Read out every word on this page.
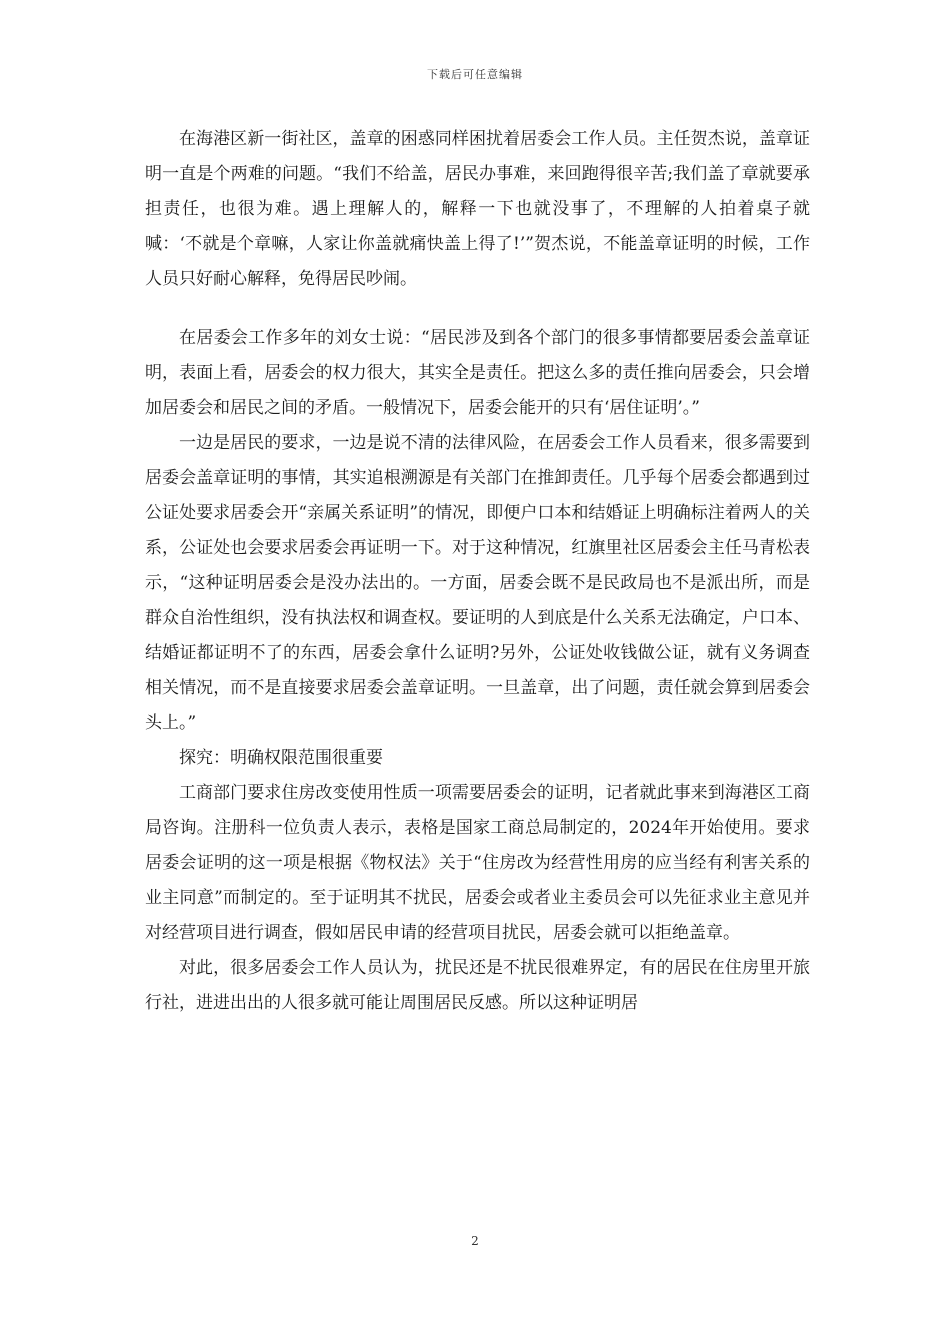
下载后可任意编辑

在海港区新一街社区，盖章的困惑同样困扰着居委会工作人员。主任贺杰说，盖章证明一直是个两难的问题。“我们不给盖，居民办事难，来回跑得很辛苦;我们盖了章就要承担责任，也很为难。遇上理解人的，解释一下也就没事了，不理解的人拍着桌子就喊：‘不就是个章嘛，人家让你盖就痛快盖上得了!’”贺杰说，不能盖章证明的时候，工作人员只好耐心解释，免得居民吵闹。

在居委会工作多年的刘女士说：“居民涉及到各个部门的很多事情都要居委会盖章证明，表面上看，居委会的权力很大，其实全是责任。把这么多的责任推向居委会，只会增加居委会和居民之间的矛盾。一般情况下，居委会能开的只有‘居住证明’。”

一边是居民的要求，一边是说不清的法律风险，在居委会工作人员看来，很多需要到居委会盖章证明的事情，其实追根溯源是有关部门在推卸责任。几乎每个居委会都遇到过公证处要求居委会开“亲属关系证明”的情况，即便户口本和结婚证上明确标注着两人的关系，公证处也会要求居委会再证明一下。对于这种情况，红旗里社区居委会主任马青松表示，“这种证明居委会是没办法出的。一方面，居委会既不是民政局也不是派出所，而是群众自治性组织，没有执法权和调查权。要证明的人到底是什么关系无法确定，户口本、结婚证都证明不了的东西，居委会拿什么证明?另外，公证处收钱做公证，就有义务调查相关情况，而不是直接要求居委会盖章证明。一旦盖章，出了问题，责任就会算到居委会头上。”

探究：明确权限范围很重要

工商部门要求住房改变使用性质一项需要居委会的证明，记者就此事来到海港区工商局咨询。注册科一位负责人表示，表格是国家工商总局制定的，2024年开始使用。要求居委会证明的这一项是根据《物权法》关于“住房改为经营性用房的应当经有利害关系的业主同意”而制定的。至于证明其不扰民，居委会或者业主委员会可以先征求业主意见并对经营项目进行调查，假如居民申请的经营项目扰民，居委会就可以拒绝盖章。

对此，很多居委会工作人员认为，扰民还是不扰民很难界定，有的居民在住房里开旅行社，进进出出的人很多就可能让周围居民反感。所以这种证明居

2
